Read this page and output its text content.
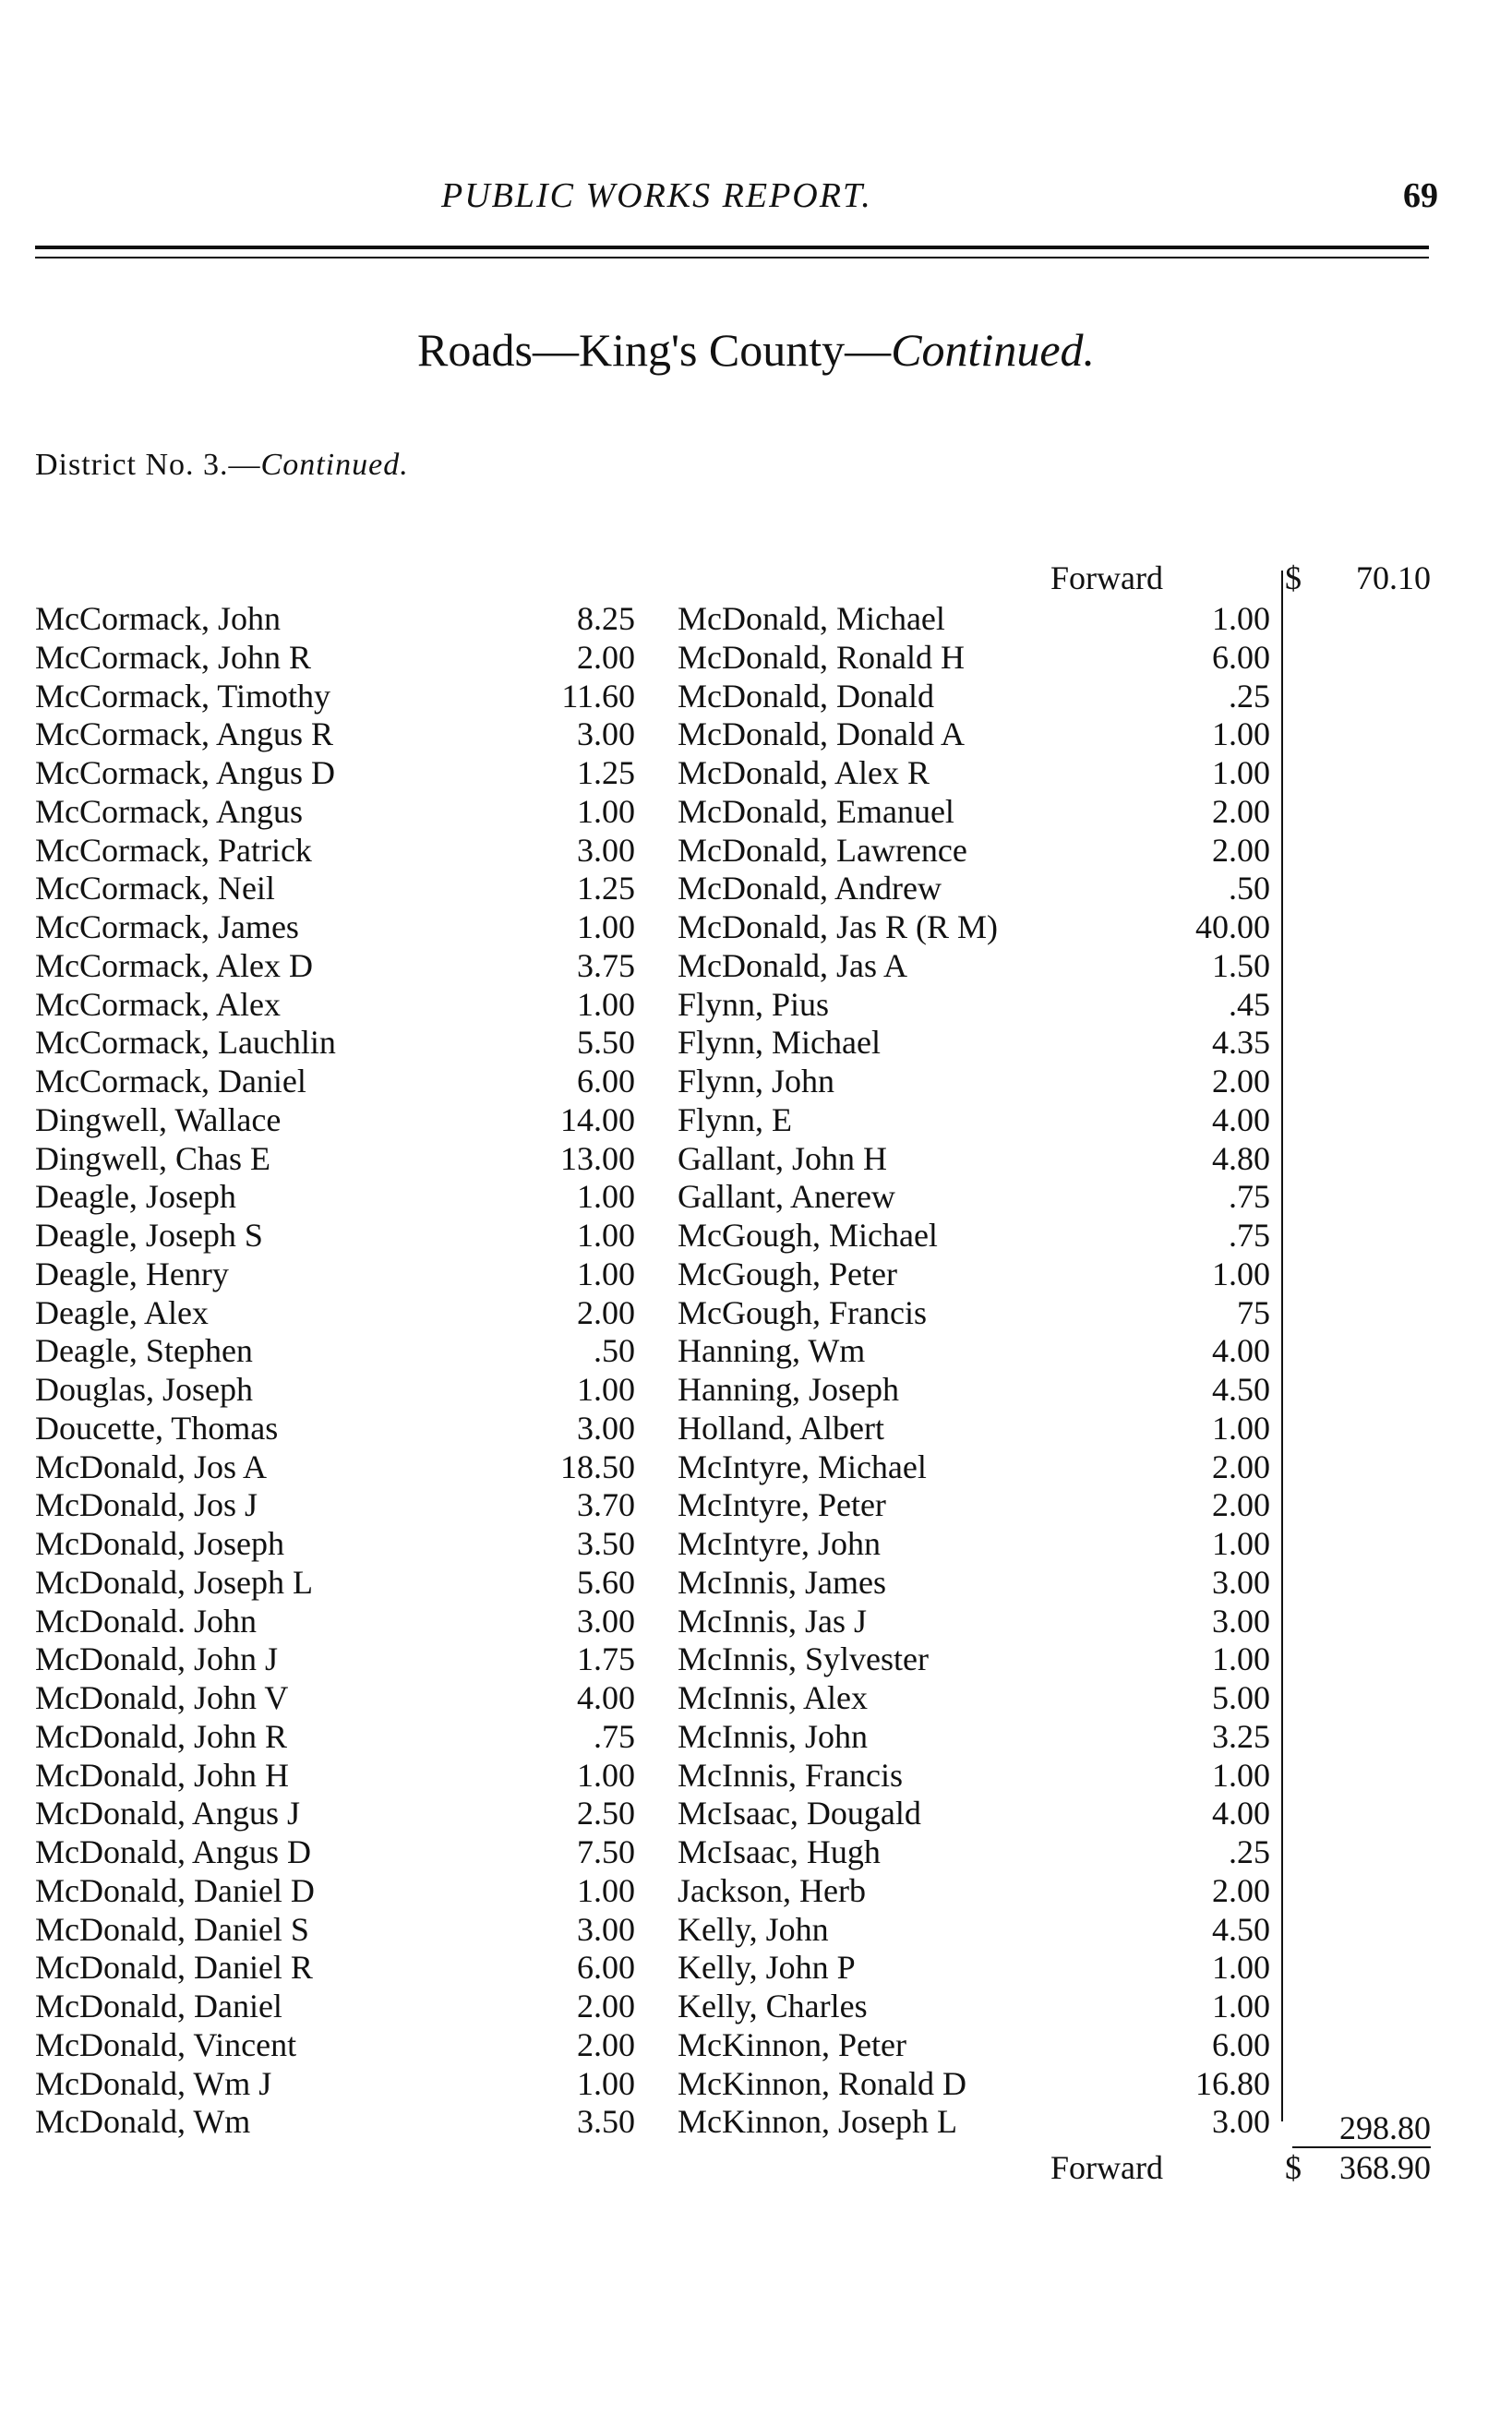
PUBLIC WORKS REPORT.	69
Roads—King's County—Continued.
District No. 3.—Continued.
Forward	$	70.10
McCormack, John	8.25
McCormack, John R	2.00
McCormack, Timothy	11.60
McCormack, Angus R	3.00
McCormack, Angus D	1.25
McCormack, Angus	1.00
McCormack, Patrick	3.00
McCormack, Neil	1.25
McCormack, James	1.00
McCormack, Alex D	3.75
McCormack, Alex	1.00
McCormack, Lauchlin	5.50
McCormack, Daniel	6.00
Dingwell, Wallace	14.00
Dingwell, Chas E	13.00
Deagle, Joseph	1.00
Deagle, Joseph S	1.00
Deagle, Henry	1.00
Deagle, Alex	2.00
Deagle, Stephen	.50
Douglas, Joseph	1.00
Doucette, Thomas	3.00
McDonald, Jos A	18.50
McDonald, Jos J	3.70
McDonald, Joseph	3.50
McDonald, Joseph L	5.60
McDonald. John	3.00
McDonald, John J	1.75
McDonald, John V	4.00
McDonald, John R	.75
McDonald, John H	1.00
McDonald, Angus J	2.50
McDonald, Angus D	7.50
McDonald, Daniel D	1.00
McDonald, Daniel S	3.00
McDonald, Daniel R	6.00
McDonald, Daniel	2.00
McDonald, Vincent	2.00
McDonald, Wm J	1.00
McDonald, Wm	3.50
McDonald, Michael	1.00
McDonald, Ronald H	6.00
McDonald, Donald	.25
McDonald, Donald A	1.00
McDonald, Alex R	1.00
McDonald, Emanuel	2.00
McDonald, Lawrence	2.00
McDonald, Andrew	.50
McDonald, Jas R (R M)	40.00
McDonald, Jas A	1.50
Flynn, Pius	.45
Flynn, Michael	4.35
Flynn, John	2.00
Flynn, E	4.00
Gallant, John H	4.80
Gallant, Anerew	.75
McGough, Michael	.75
McGough, Peter	1.00
McGough, Francis	75
Hanning, Wm	4.00
Hanning, Joseph	4.50
Holland, Albert	1.00
McIntyre, Michael	2.00
McIntyre, Peter	2.00
McIntyre, John	1.00
McInnis, James	3.00
McInnis, Jas J	3.00
McInnis, Sylvester	1.00
McInnis, Alex	5.00
McInnis, John	3.25
McInnis, Francis	1.00
McIsaac, Dougald	4.00
McIsaac, Hugh	.25
Jackson, Herb	2.00
Kelly, John	4.50
Kelly, John P	1.00
Kelly, Charles	1.00
McKinnon, Peter	6.00
McKinnon, Ronald D	16.80
McKinnon, Joseph L	3.00	298.80
Forward	$	368.90
